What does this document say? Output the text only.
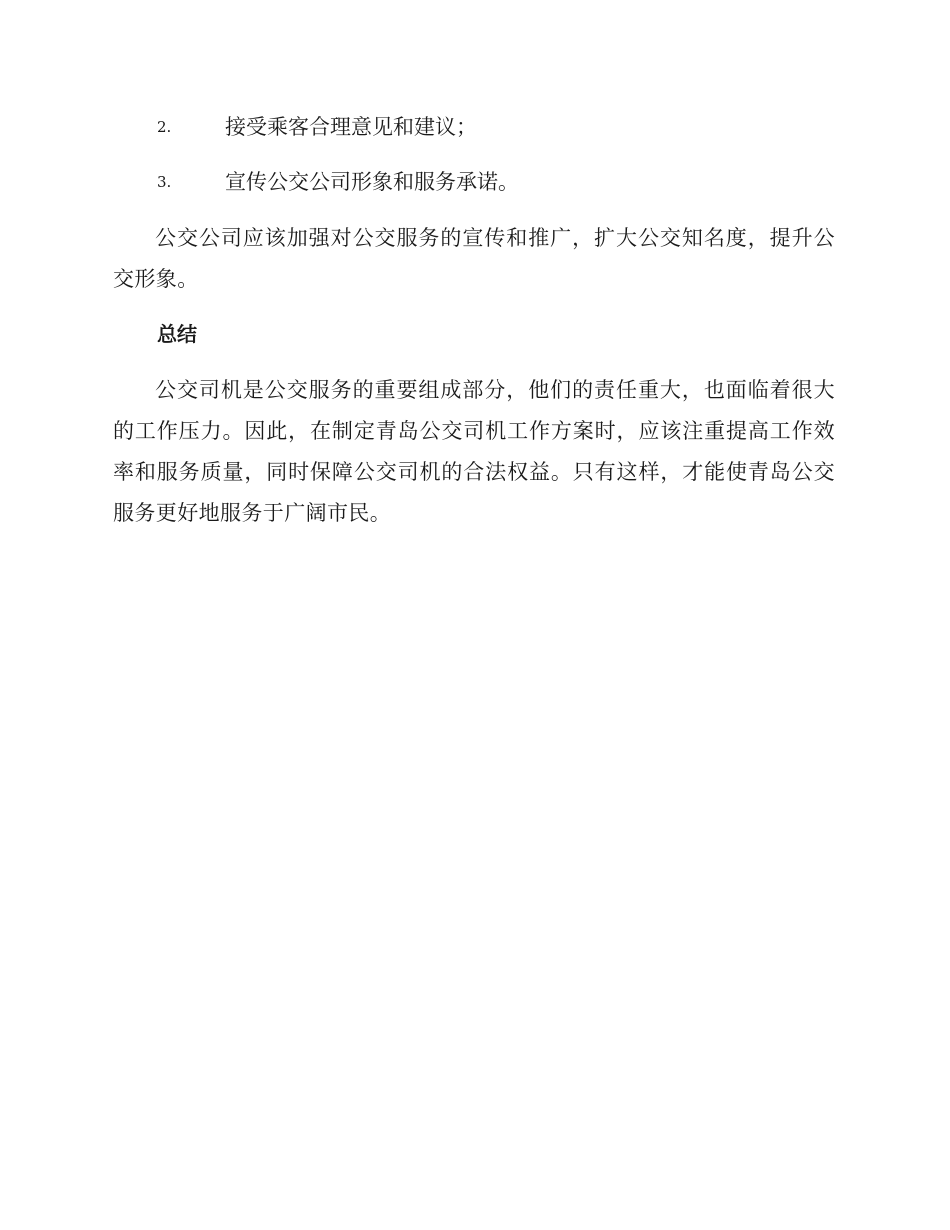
2.	接受乘客合理意见和建议；
3.	宣传公交公司形象和服务承诺。

公交公司应该加强对公交服务的宣传和推广，扩大公交知名度，提升公交形象。

总结

公交司机是公交服务的重要组成部分，他们的责任重大，也面临着很大的工作压力。因此，在制定青岛公交司机工作方案时，应该注重提高工作效率和服务质量，同时保障公交司机的合法权益。只有这样，才能使青岛公交服务更好地服务于广阔市民。
